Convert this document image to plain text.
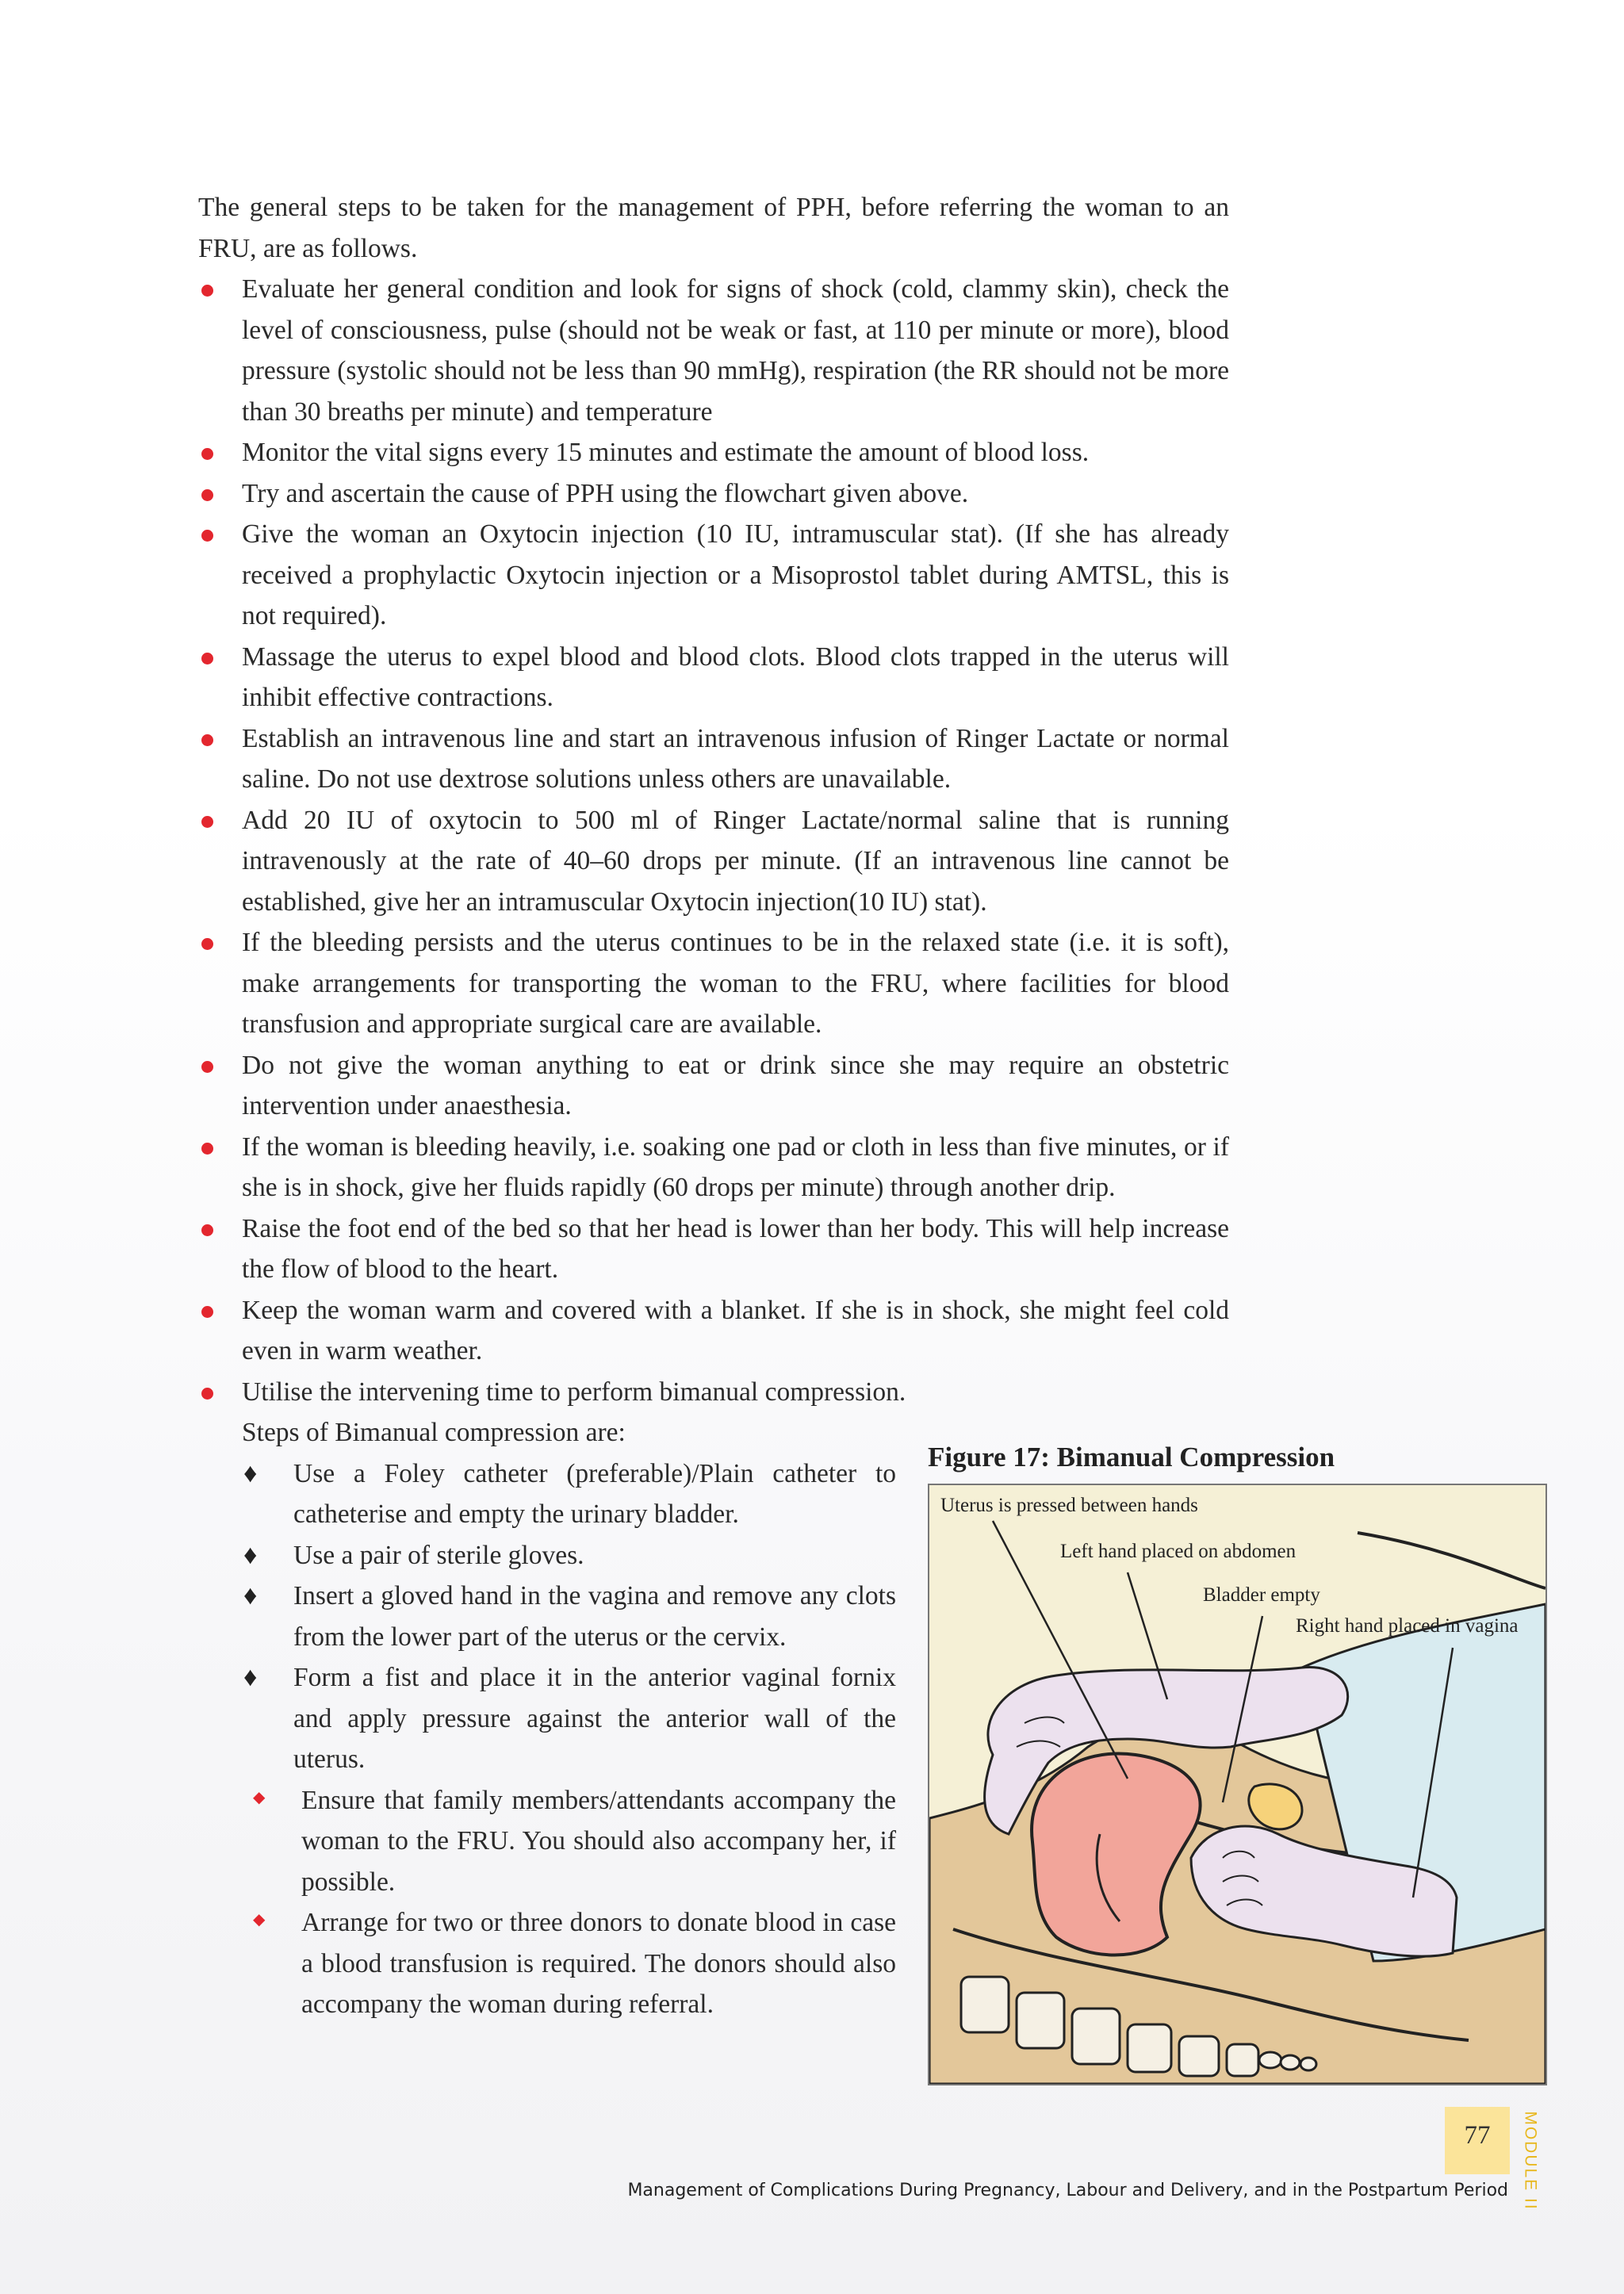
The general steps to be taken for the management of PPH, before referring the woman to an FRU, are as follows.

Evaluate her general condition and look for signs of shock (cold, clammy skin), check the level of consciousness, pulse (should not be weak or fast, at 110 per minute or more), blood pressure (systolic should not be less than 90 mmHg), respiration (the RR should not be more than 30 breaths per minute) and temperature
Monitor the vital signs every 15 minutes and estimate the amount of blood loss.
Try and ascertain the cause of PPH using the flowchart given above.
Give the woman an Oxytocin injection (10 IU, intramuscular stat). (If she has already received a prophylactic Oxytocin injection or a Misoprostol tablet during AMTSL, this is not required).
Massage the uterus to expel blood and blood clots. Blood clots trapped in the uterus will inhibit effective contractions.
Establish an intravenous line and start an intravenous infusion of Ringer Lactate or normal saline. Do not use dextrose solutions unless others are unavailable.
Add 20 IU of oxytocin to 500 ml of Ringer Lactate/normal saline that is running intravenously at the rate of 40–60 drops per minute. (If an intravenous line cannot be established, give her an intramuscular Oxytocin injection(10 IU) stat).
If the bleeding persists and the uterus continues to be in the relaxed state (i.e. it is soft), make arrangements for transporting the woman to the FRU, where facilities for blood transfusion and appropriate surgical care are available.
Do not give the woman anything to eat or drink since she may require an obstetric intervention under anaesthesia.
If the woman is bleeding heavily, i.e. soaking one pad or cloth in less than five minutes, or if she is in shock, give her fluids rapidly (60 drops per minute) through another drip.
Raise the foot end of the bed so that her head is lower than her body. This will help increase the flow of blood to the heart.
Keep the woman warm and covered with a blanket. If she is in shock, she might feel cold even in warm weather.
Utilise the intervening time to perform bimanual compression.
Steps of Bimanual compression are:
♦ Use a Foley catheter (preferable)/Plain catheter to catheterise and empty the urinary bladder.
♦ Use a pair of sterile gloves.
♦ Insert a gloved hand in the vagina and remove any clots from the lower part of the uterus or the cervix.
♦ Form a fist and place it in the anterior vaginal fornix and apply pressure against the anterior wall of the uterus.
◆ Ensure that family members/attendants accompany the woman to the FRU. You should also accompany her, if possible.
◆ Arrange for two or three donors to donate blood in case a blood transfusion is required. The donors should also accompany the woman during referral.
Figure 17: Bimanual Compression
Uterus is pressed between hands
Left hand placed on abdomen
Bladder empty
Right hand placed in vagina
77	MODULE II
Management of Complications During Pregnancy, Labour and Delivery, and in the Postpartum Period
